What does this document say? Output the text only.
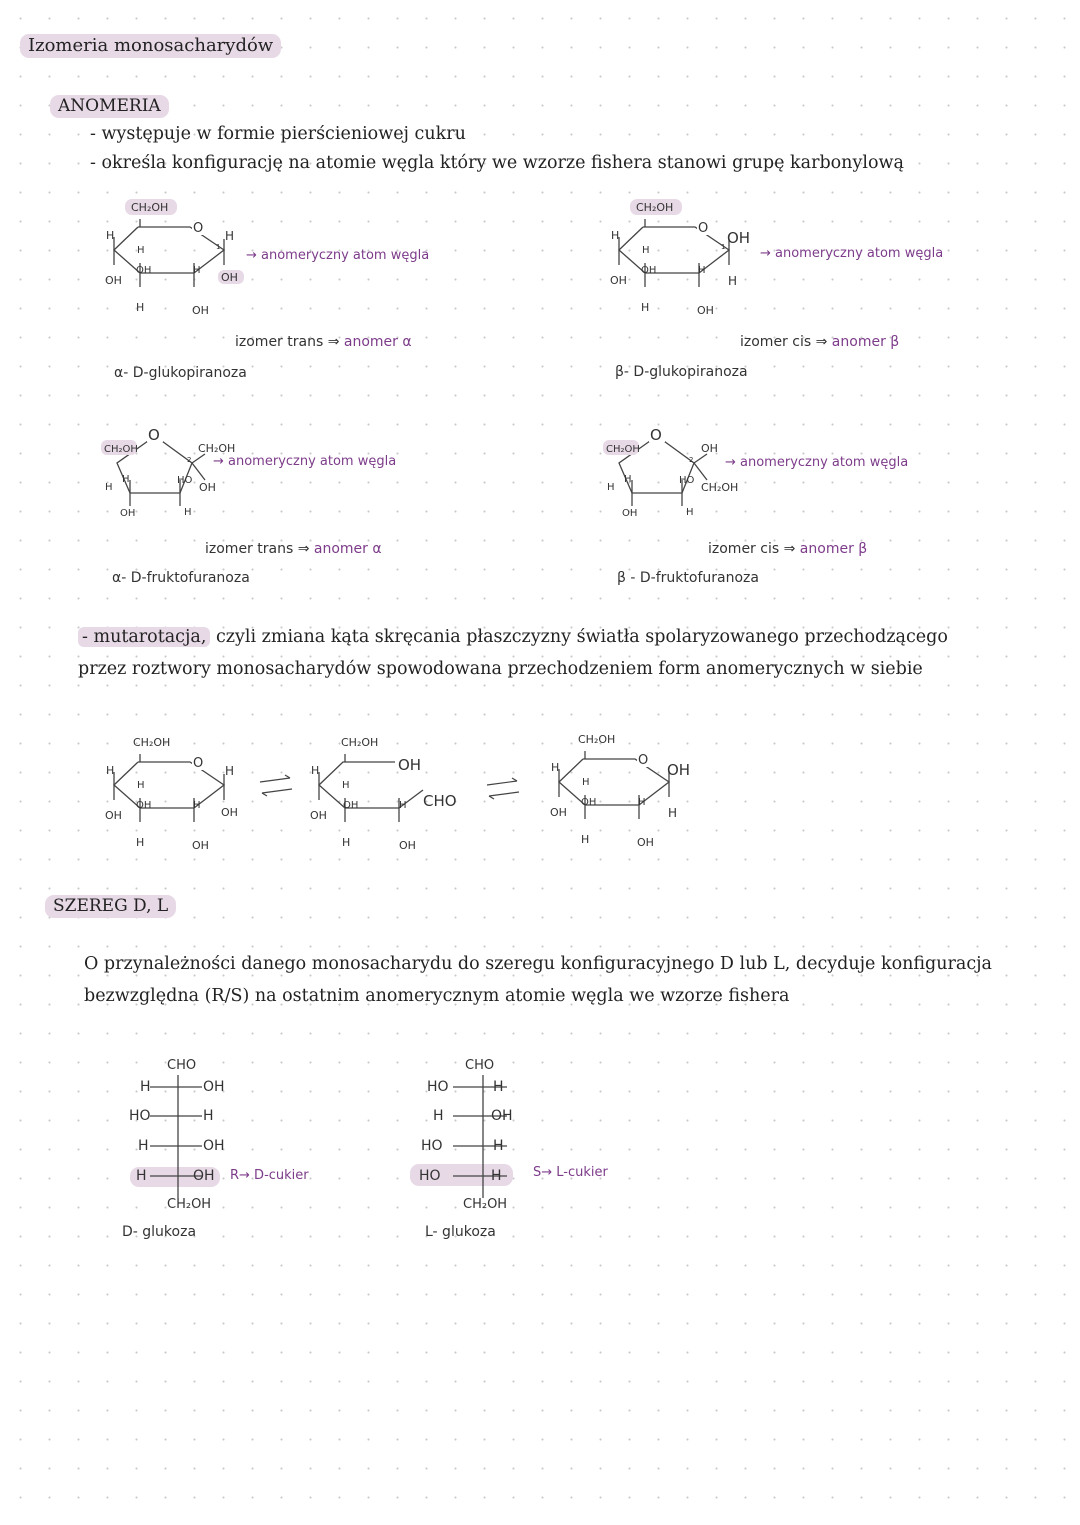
Izomeria monosacharydów
ANOMERIA
- występuje w formie pierścieniowej cukru
- określa konfigurację na atomie węgla który we wzorze fishera stanowi grupę karbonylową
CH₂OH
O
H
H
OH
OH
H
H
OH
H
1
OH
→ anomeryczny atom węgla
izomer trans ⇒ anomer α
α- D-glukopiranoza
CH₂OH
O
H
H
OH
OH
H
H
OH
1 OH
H
→ anomeryczny atom węgla
izomer cis ⇒ anomer β
β- D-glukopiranoza
CH₂OH
O
H
H
OH
HO
H
CH₂OH
2
OH
→ anomeryczny atom węgla
izomer trans ⇒ anomer α
α- D-fruktofuranoza
CH₂OH
O
H
H
OH
HO
H
OH
2
CH₂OH
→ anomeryczny atom węgla
izomer cis ⇒ anomer β
β - D-fruktofuranoza
- mutarotacja, czyli zmiana kąta skręcania płaszczyzny światła spolaryzowanego przechodzącego
przez roztwory monosacharydów spowodowana przechodzeniem form anomerycznych w siebie
CH₂OH
O
H
H
OH
OH
H
H
OH
H
OH
CH₂OH
OH
H
H
OH
OH
H
H
OH
CHO
CH₂OH
O
H
H
OH
OH
H
H
OH
OH
H
SZEREG D, L
O przynależności danego monosacharydu do szeregu konfiguracyjnego D lub L, decyduje konfiguracja
bezwzględna (R/S) na ostatnim anomerycznym atomie węgla we wzorze fishera
CHO
H	OH
HO	H
H	OH
H	OH
CH₂OH
R→ D-cukier
D- glukoza
CHO
HO	H
H	OH
HO	H
HO	H
CH₂OH
S→ L-cukier
L- glukoza
